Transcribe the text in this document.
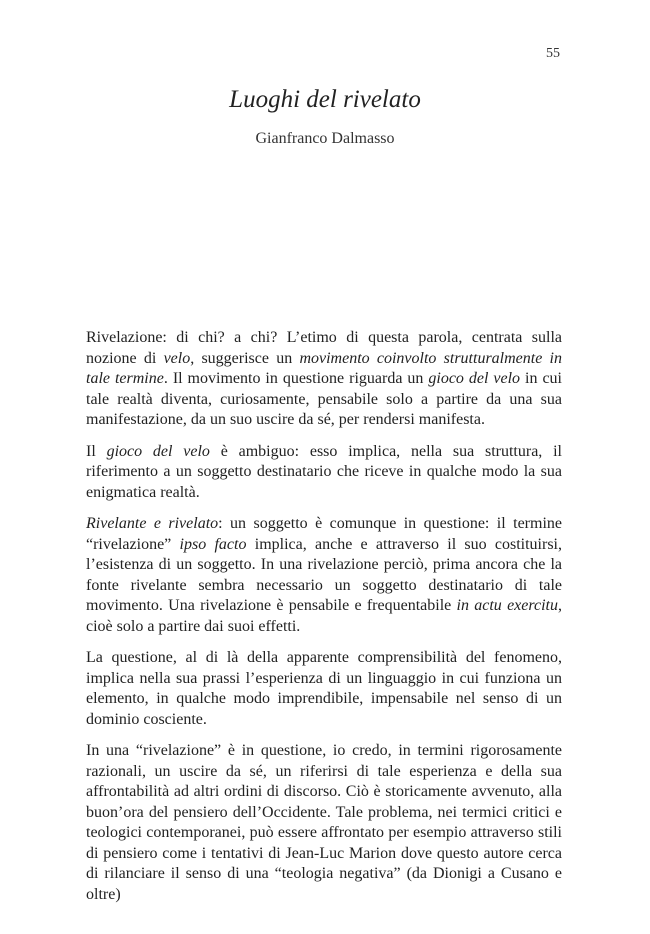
55
Luoghi del rivelato
Gianfranco Dalmasso

Rivelazione: di chi? a chi? L’etimo di questa parola, centrata sulla nozione di velo, suggerisce un movimento coinvolto strutturalmente in tale termine. Il movimento in questione riguarda un gioco del velo in cui tale realtà diventa, curiosamente, pensabile solo a partire da una sua manifestazione, da un suo uscire da sé, per rendersi manifesta.

Il gioco del velo è ambiguo: esso implica, nella sua struttura, il riferimento a un soggetto destinatario che riceve in qualche modo la sua enigmatica realtà.

Rivelante e rivelato: un soggetto è comunque in questione: il termine “rivelazione” ipso facto implica, anche e attraverso il suo costituirsi, l’esistenza di un soggetto. In una rivelazione perciò, prima ancora che la fonte rivelante sembra necessario un soggetto destinatario di tale movimento. Una rivelazione è pensabile e frequentabile in actu exercitu, cioè solo a partire dai suoi effetti.

La questione, al di là della apparente comprensibilità del fenomeno, implica nella sua prassi l’esperienza di un linguaggio in cui funziona un elemento, in qualche modo imprendibile, impensabile nel senso di un dominio cosciente.

In una “rivelazione” è in questione, io credo, in termini rigorosamente razionali, un uscire da sé, un riferirsi di tale esperienza e della sua affrontabilità ad altri ordini di discorso. Ciò è storicamente avvenuto, alla buon’ora del pensiero dell’Occidente. Tale problema, nei termici critici e teologici contemporanei, può essere affrontato per esempio attraverso stili di pensiero come i tentativi di Jean-Luc Marion dove questo autore cerca di rilanciare il senso di una “teologia negativa” (da Dionigi a Cusano e oltre)
